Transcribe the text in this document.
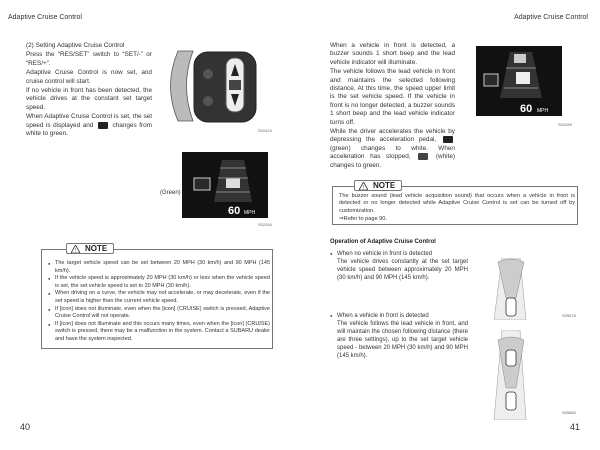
Adaptive Cruise Control

(2) Setting Adaptive Cruise Control

Press the “RES/SET” switch to “SET/-” or “RES/+”.

Adaptive Cruise Control is now set, and cruise control will start.

If no vehicle in front has been detected, the vehicle drives at the constant set target speed.

When Adaptive Cruise Control is set, the set speed is displayed and	changes from white to green.	S02424
(Green)
60 MPH
S02264
● The target vehicle speed can be set between 20 MPH (30 km/h) and 90 MPH (145 km/h).
● If the vehicle speed is approximately 20 MPH (30 km/h) or less when the vehicle speed is set, the set vehicle speed is set to 20 MPH (30 km/h).
● When driving on a curve, the vehicle may not accelerate, or may decelerate, even if the set speed is higher than the current vehicle speed.
● If [icon] does not illuminate, even when the [icon] (CRUISE) switch is pressed, Adaptive Cruise Control will not operate.
● If [icon] does not illuminate and this occurs many times, even when the [icon] (CRUISE) switch is pressed, there may be a malfunction in the system. Contact a SUBARU dealer and have the system inspected.
! NOTE
40
Adaptive Cruise Control

When a vehicle in front is detected, a buzzer sounds 1 short beep and the lead vehicle indicator will illuminate.

The vehicle follows the lead vehicle in front and maintains the selected following distance. At this time, the speed upper limit is the set vehicle speed. If the vehicle in front is no longer detected, a buzzer sounds 1 short beep and the lead vehicle indicator turns off.

While the driver accelerates the vehicle by depressing the acceleration pedal,  (green) changes to white. When acceleration has stopped,	(white) changes to green.

60 MPH
S02289

The buzzer sound (lead vehicle acquisition sound) that occurs when a vehicle in front is detected or no longer detected while Adaptive Cruise Control is set can be turned off by customization.

⇒Refer to page 90.

! NOTE
Operation of Adaptive Cruise Control
● When no vehicle in front is detected
The vehicle drives constantly at the set target vehicle speed between approximately 20 MPH (30 km/h) and 90 MPH (145 km/h).
S05678
● When a vehicle in front is detected
The vehicle follows the lead vehicle in front, and will maintain the chosen following distance (there are three settings), up to the set target vehicle speed - between 20 MPH (30 km/h) and 90 MPH (145 km/h).
S05680
41
